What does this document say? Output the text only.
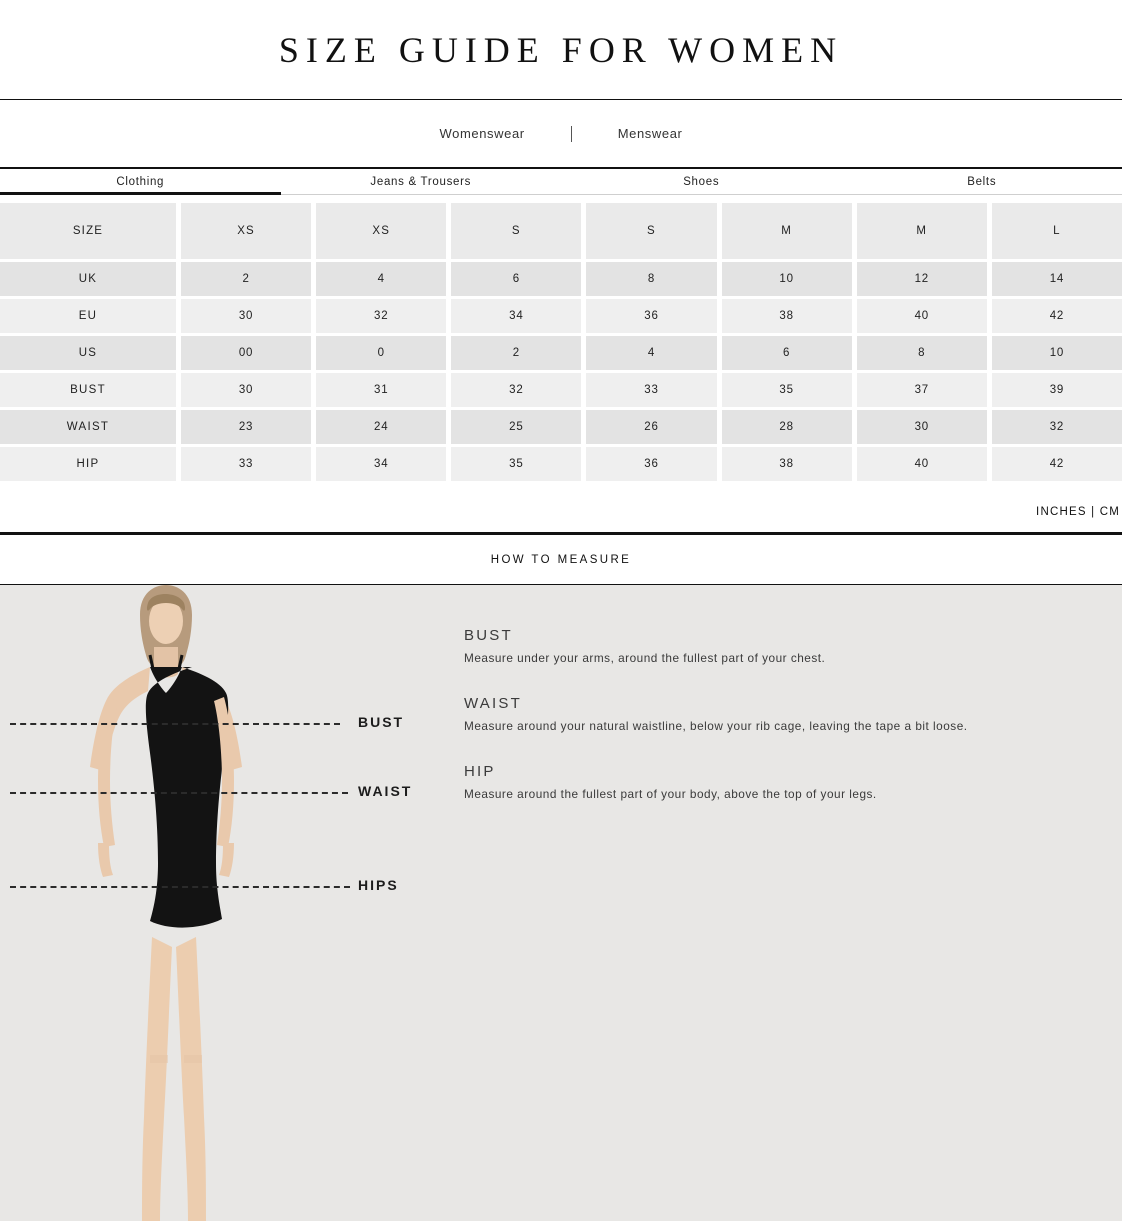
SIZE GUIDE FOR WOMEN
Womenswear	Menswear
Clothing	Jeans & Trousers	Shoes	Belts
SIZE	XS	XS	S	S	M	M	L
UK	2	4	6	8	10	12	14
EU	30	32	34	36	38	40	42
US	00	0	2	4	6	8	10
BUST	30	31	32	33	35	37	39
WAIST	23	24	25	26	28	30	32
HIP	33	34	35	36	38	40	42
INCHES | CM
HOW TO MEASURE
BUST
WAIST
HIPS
BUST

Measure under your arms, around the fullest part of your chest.

WAIST

Measure around your natural waistline, below your rib cage, leaving the tape a bit loose.

HIP

Measure around the fullest part of your body, above the top of your legs.
